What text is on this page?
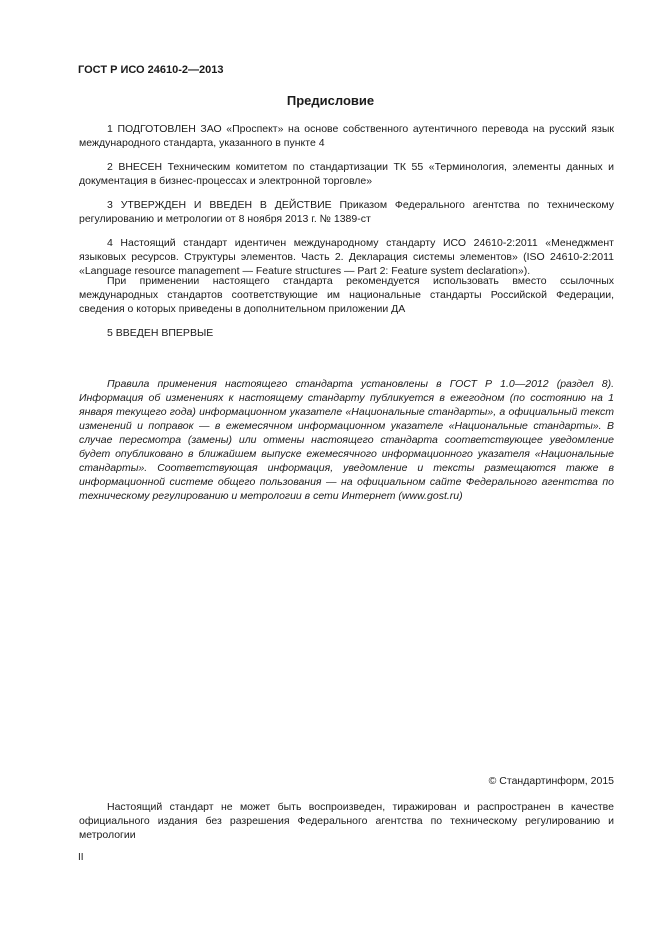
ГОСТ Р ИСО 24610-2—2013
Предисловие

1 ПОДГОТОВЛЕН ЗАО «Проспект» на основе собственного аутентичного перевода на русский язык международного стандарта, указанного в пункте 4

2 ВНЕСЕН Техническим комитетом по стандартизации ТК 55 «Терминология, элементы данных и документация в бизнес-процессах и электронной торговле»

3 УТВЕРЖДЕН И ВВЕДЕН В ДЕЙСТВИЕ Приказом Федерального агентства по техническому регулированию и метрологии от 8 ноября 2013 г. № 1389-ст

4 Настоящий стандарт идентичен международному стандарту ИСО 24610-2:2011 «Менеджмент языковых ресурсов. Структуры элементов. Часть 2. Декларация системы элементов» (ISO 24610-2:2011 «Language resource management — Feature structures — Part 2: Feature system declaration»).

При применении настоящего стандарта рекомендуется использовать вместо ссылочных международных стандартов соответствующие им национальные стандарты Российской Федерации, сведения о которых приведены в дополнительном приложении ДА

5 ВВЕДЕН ВПЕРВЫЕ

Правила применения настоящего стандарта установлены в ГОСТ Р 1.0—2012 (раздел 8). Информация об изменениях к настоящему стандарту публикуется в ежегодном (по состоянию на 1 января текущего года) информационном указателе «Национальные стандарты», а официальный текст изменений и поправок — в ежемесячном информационном указателе «Национальные стандарты». В случае пересмотра (замены) или отмены настоящего стандарта соответствующее уведомление будет опубликовано в ближайшем выпуске ежемесячного информационного указателя «Национальные стандарты». Соответствующая информация, уведомление и тексты размещаются также в информационной системе общего пользования — на официальном сайте Федерального агентства по техническому регулированию и метрологии в сети Интернет (www.gost.ru)

© Стандартинформ, 2015

Настоящий стандарт не может быть воспроизведен, тиражирован и распространен в качестве официального издания без разрешения Федерального агентства по техническому регулированию и метрологии

II
